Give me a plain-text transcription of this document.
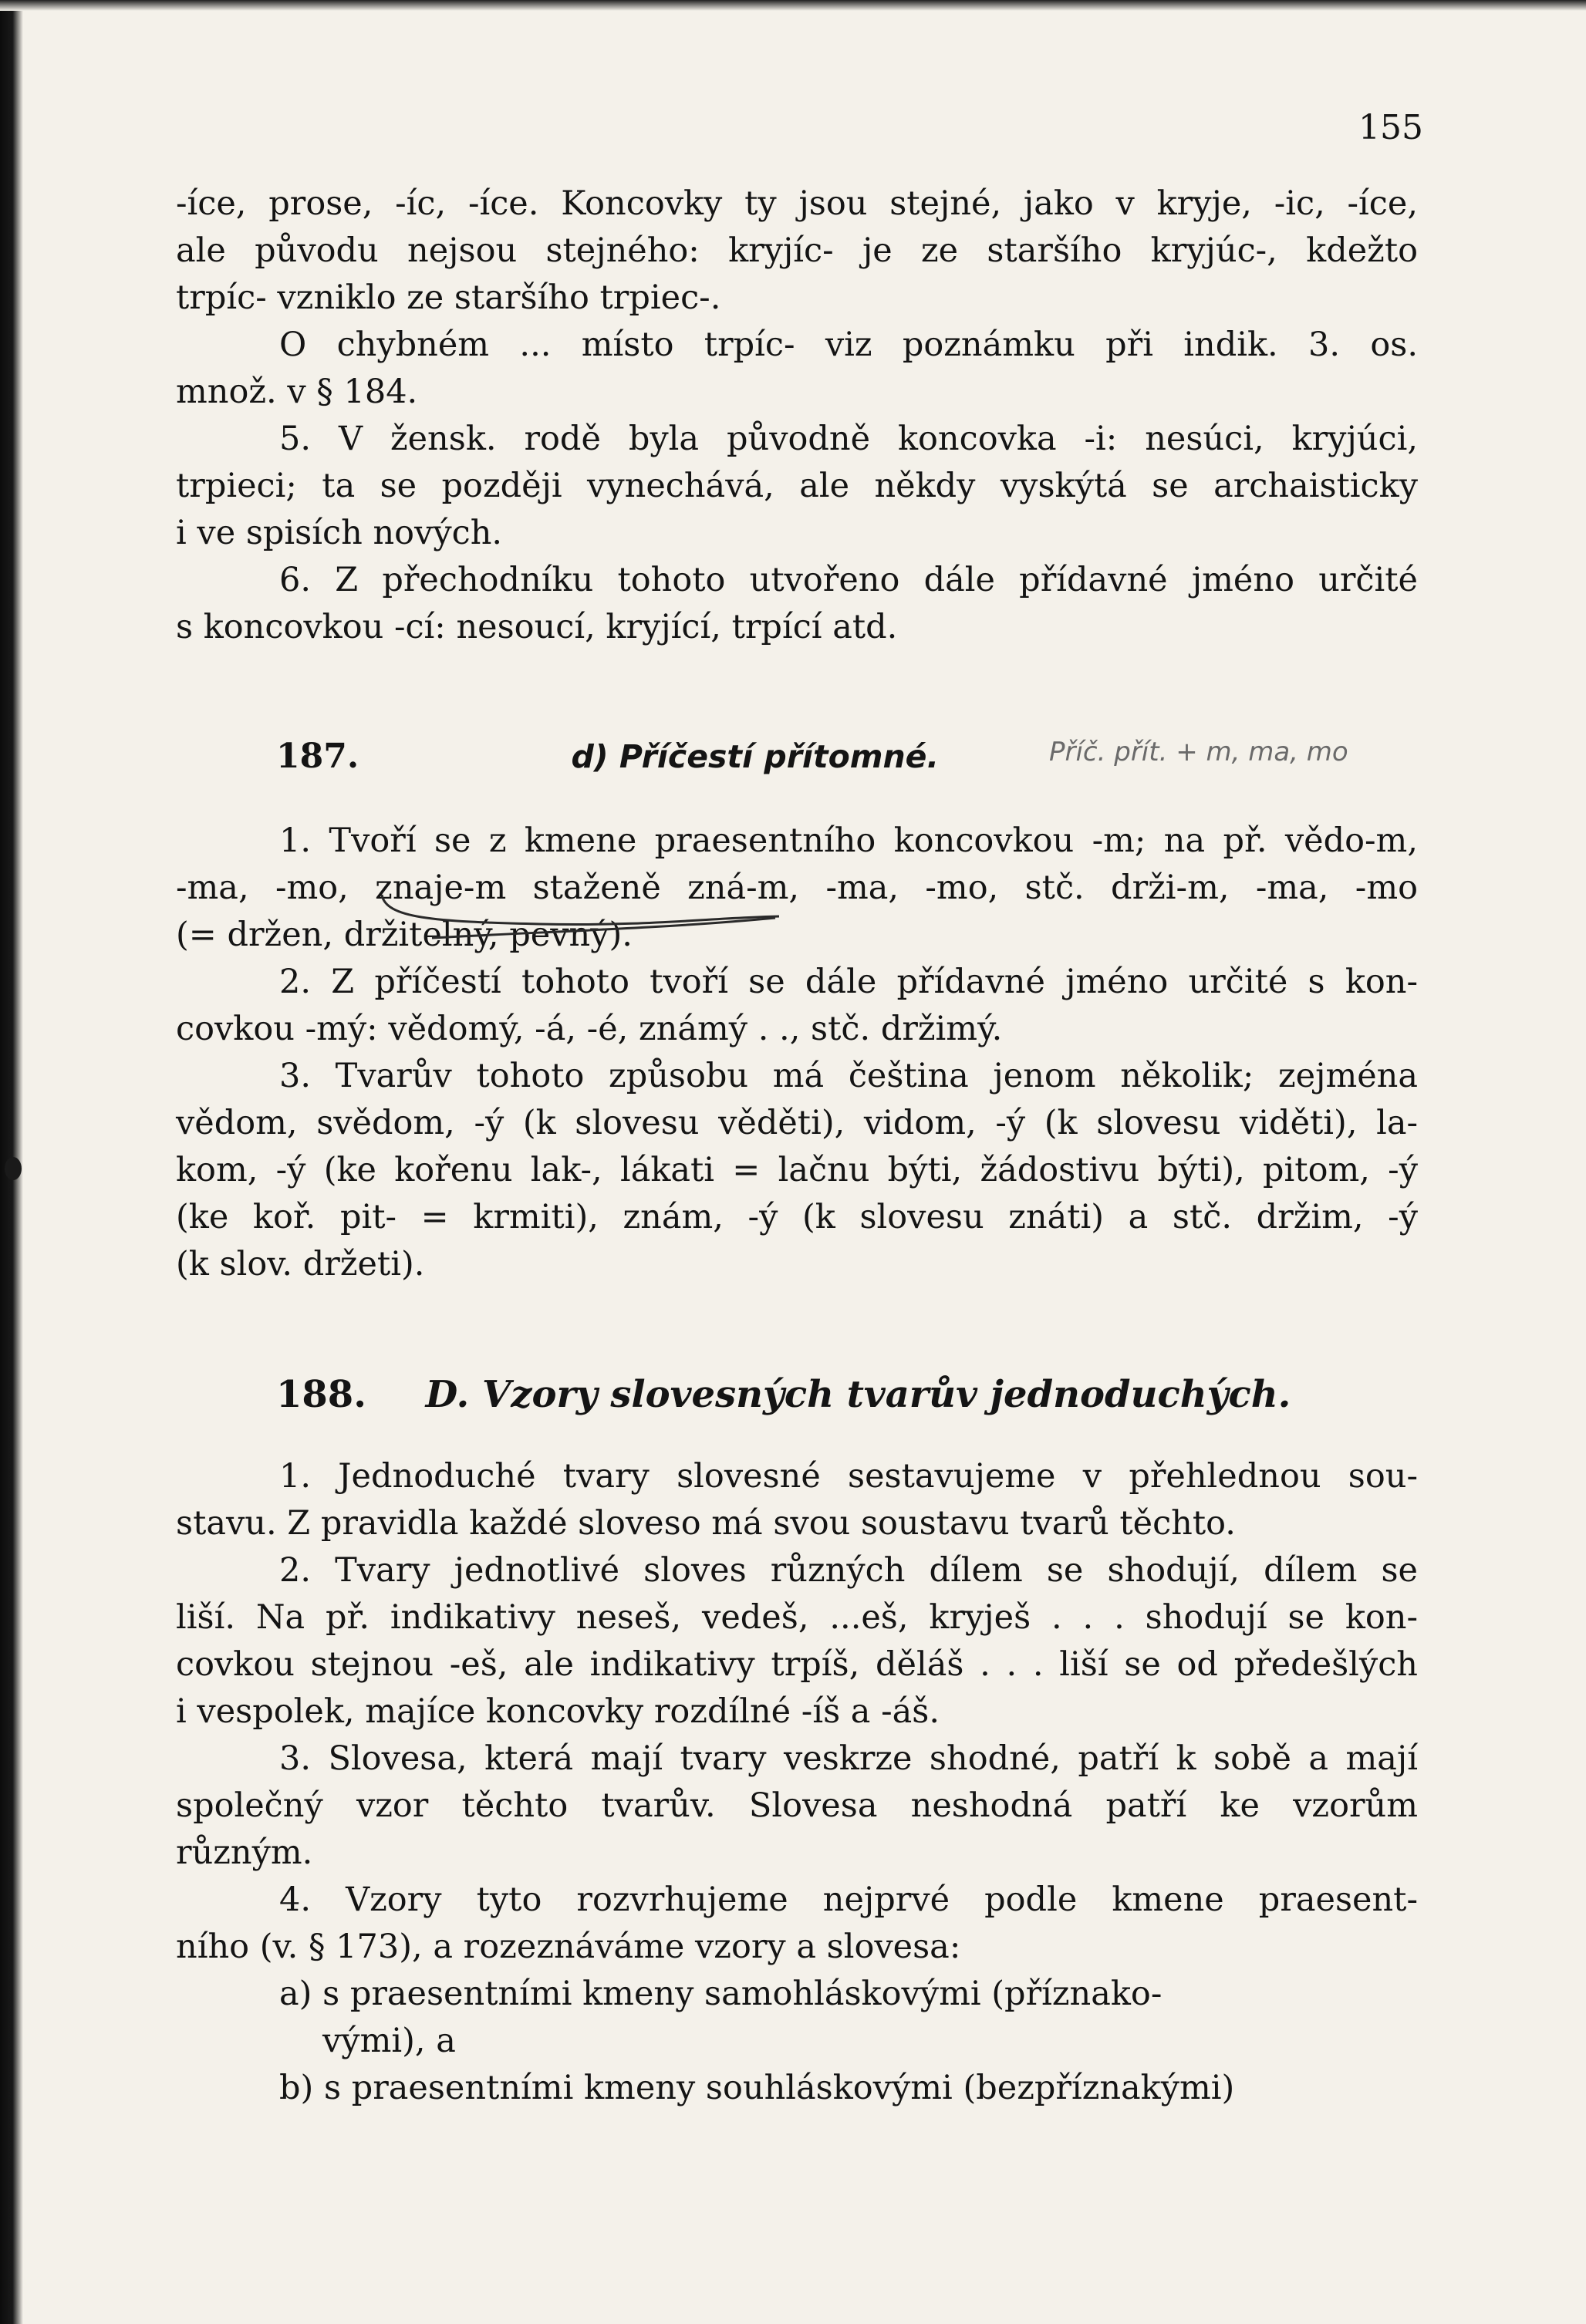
155

-íce, prose, -íc, -íce. Koncovky ty jsou stejné, jako v kryje, -ic, -íce,

ale původu nejsou stejného: kryjíc- je ze staršího kryjúc-, kdežto

trpíc- vzniklo ze staršího trpiec-.

O chybném ... místo trpíc- viz poznámku při indik. 3. os.

množ. v § 184.

5. V žensk. rodě byla původně koncovka -i: nesúci, kryjúci,

trpieci; ta se později vynechává, ale někdy vyskýtá se archaisticky

i ve spisích nových.

6. Z přechodníku tohoto utvořeno dále přídavné jméno určité

s koncovkou -cí: nesoucí, kryjící, trpící atd.

187.	d) Příčestí přítomné.	Příč. přít. + m, ma, mo

1. Tvoří se z kmene praesentního koncovkou -m; na př. vědo-m,

-ma, -mo, znaje-m staženě zná-m, -ma, -mo, stč. drži-m, -ma, -mo

(= držen, držitelný, pevný).

2. Z příčestí tohoto tvoří se dále přídavné jméno určité s kon-

covkou -mý: vědomý, -á, -é, známý . ., stč. držimý.

3. Tvarův tohoto způsobu má čeština jenom několik; zejména

vědom, svědom, -ý (k slovesu věděti), vidom, -ý (k slovesu viděti), la-

kom, -ý (ke kořenu lak-, lákati = lačnu býti, žádostivu býti), pitom, -ý

(ke koř. pit- = krmiti), znám, -ý (k slovesu znáti) a stč. držim, -ý

(k slov. držeti).

188. D. Vzory slovesných tvarův jednoduchých.

1. Jednoduché tvary slovesné sestavujeme v přehlednou sou-

stavu. Z pravidla každé sloveso má svou soustavu tvarů těchto.

2. Tvary jednotlivé sloves různých dílem se shodují, dílem se

liší. Na př. indikativy neseš, vedeš, ...eš, kryješ . . . shodují se kon-

covkou stejnou -eš, ale indikativy trpíš, děláš . . . liší se od předešlých

i vespolek, majíce koncovky rozdílné -íš a -áš.

3. Slovesa, která mají tvary veskrze shodné, patří k sobě a mají

společný vzor těchto tvarův. Slovesa neshodná patří ke vzorům

různým.

4. Vzory tyto rozvrhujeme nejprvé podle kmene praesent-

ního (v. § 173), a rozeznáváme vzory a slovesa:

a) s praesentními kmeny samohláskovými (příznako-

vými), a

b) s praesentními kmeny souhláskovými (bezpříznakými)
